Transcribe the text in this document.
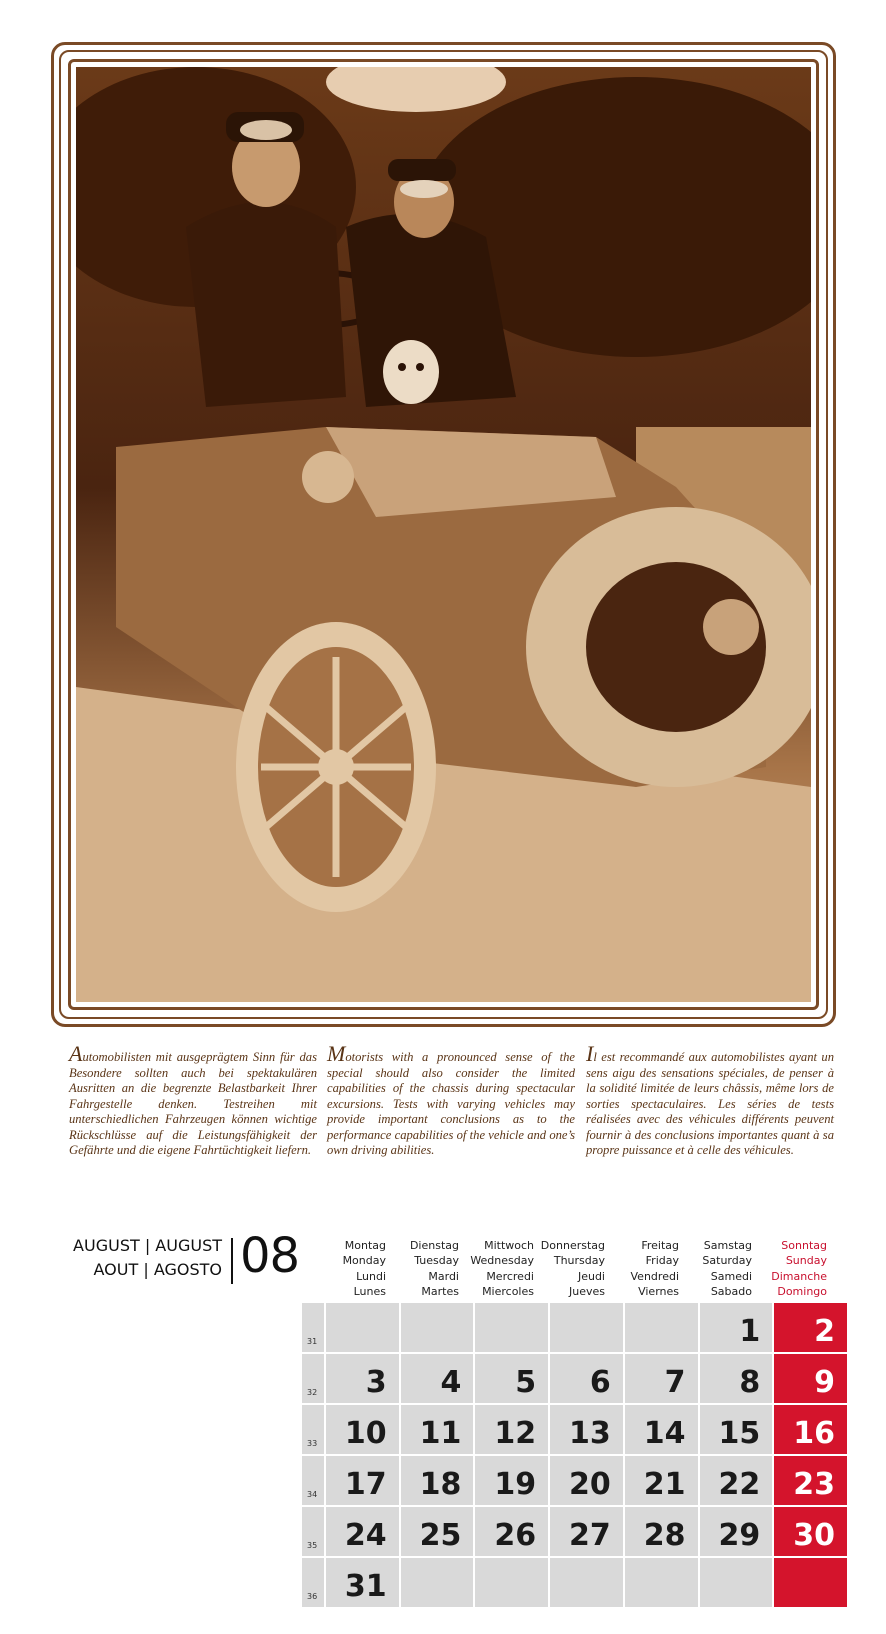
Automobilisten mit ausgeprägtem Sinn für das Besondere sollten auch bei spektakulären Ausritten an die begrenzte Belastbarkeit Ihrer Fahrgestelle denken. Testreihen mit unterschiedlichen Fahrzeugen können wichtige Rückschlüsse auf die Leistungsfähigkeit der Gefährte und die eigene Fahrtüchtigkeit liefern.
Motorists with a pronounced sense of the special should also consider the limited capabilities of the chassis during spectacular excursions. Tests with varying vehicles may provide important conclusions as to the performance capabilities of the vehicle and one’s own driving abilities.
Il est recommandé aux automobilistes ayant un sens aigu des sensations spéciales, de penser à la solidité limitée de leurs châssis, même lors de sorties spectaculaires. Les séries de tests réalisées avec des véhicules différents peuvent fournir à des conclusions importantes quant à sa propre puissance et à celle des véhicules.
AUGUST | AUGUST
AOUT | AGOSTO 08	Montag
Monday
Lundi
Lunes
Dienstag
Tuesday
Mardi
Martes
Mittwoch
Wednesday
Mercredi
Miercoles
Donnerstag
Thursday
Jeudi
Jueves
Freitag
Friday
Vendredi
Viernes
Samstag
Saturday
Samedi
Sabado
Sonntag
Sunday
Dimanche
Domingo
31	1 2
32 3 4 5 6 7 8 9
33 10 11 12 13 14 15 16
34 17 18 19 20 21 22 23
35 24 25 26 27 28 29 30
36 31
